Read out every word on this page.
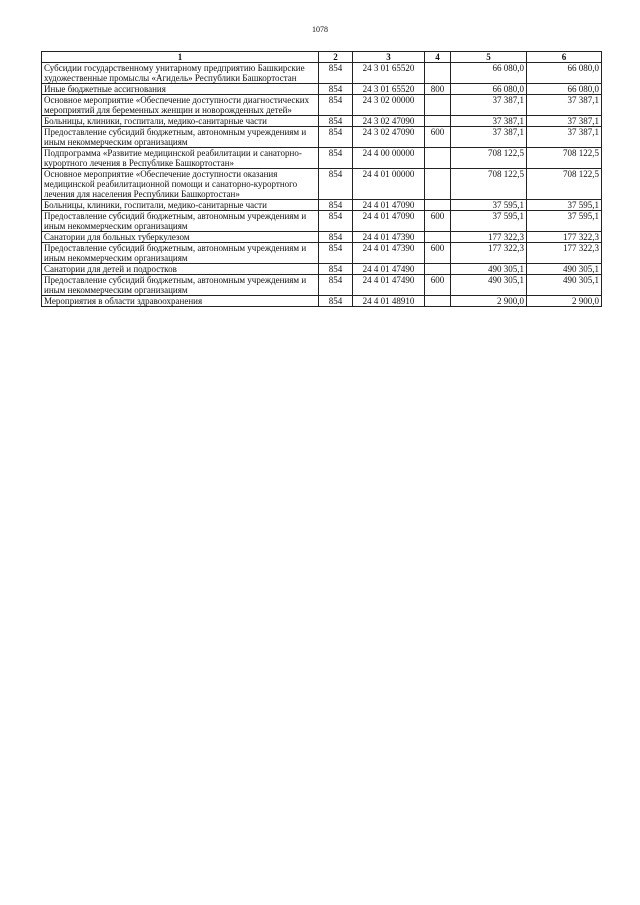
1078
1	2	3	4	5	6
Субсидии государственному унитарному предприятию Башкирские художественные промыслы «Агидель» Республики Башкортостан	854	24 3 01 65520		66 080,0	66 080,0
Иные бюджетные ассигнования	854	24 3 01 65520	800	66 080,0	66 080,0
Основное мероприятие «Обеспечение доступности диагностических мероприятий для беременных женщин и новорожденных детей»	854	24 3 02 00000		37 387,1	37 387,1
Больницы, клиники, госпитали, медико-санитарные части	854	24 3 02 47090		37 387,1	37 387,1
Предоставление субсидий бюджетным, автономным учреждениям и иным некоммерческим организациям	854	24 3 02 47090	600	37 387,1	37 387,1
Подпрограмма «Развитие медицинской реабилитации и санаторно-курортного лечения в Республике Башкортостан»	854	24 4 00 00000		708 122,5	708 122,5
Основное мероприятие «Обеспечение доступности оказания медицинской реабилитационной помощи и санаторно-курортного лечения для населения Республики Башкортостан»	854	24 4 01 00000		708 122,5	708 122,5
Больницы, клиники, госпитали, медико-санитарные части	854	24 4 01 47090		37 595,1	37 595,1
Предоставление субсидий бюджетным, автономным учреждениям и иным некоммерческим организациям	854	24 4 01 47090	600	37 595,1	37 595,1
Санатории для больных туберкулезом	854	24 4 01 47390		177 322,3	177 322,3
Предоставление субсидий бюджетным, автономным учреждениям и иным некоммерческим организациям	854	24 4 01 47390	600	177 322,3	177 322,3
Санатории для детей и подростков	854	24 4 01 47490		490 305,1	490 305,1
Предоставление субсидий бюджетным, автономным учреждениям и иным некоммерческим организациям	854	24 4 01 47490	600	490 305,1	490 305,1
Мероприятия в области здравоохранения	854	24 4 01 48910		2 900,0	2 900,0
